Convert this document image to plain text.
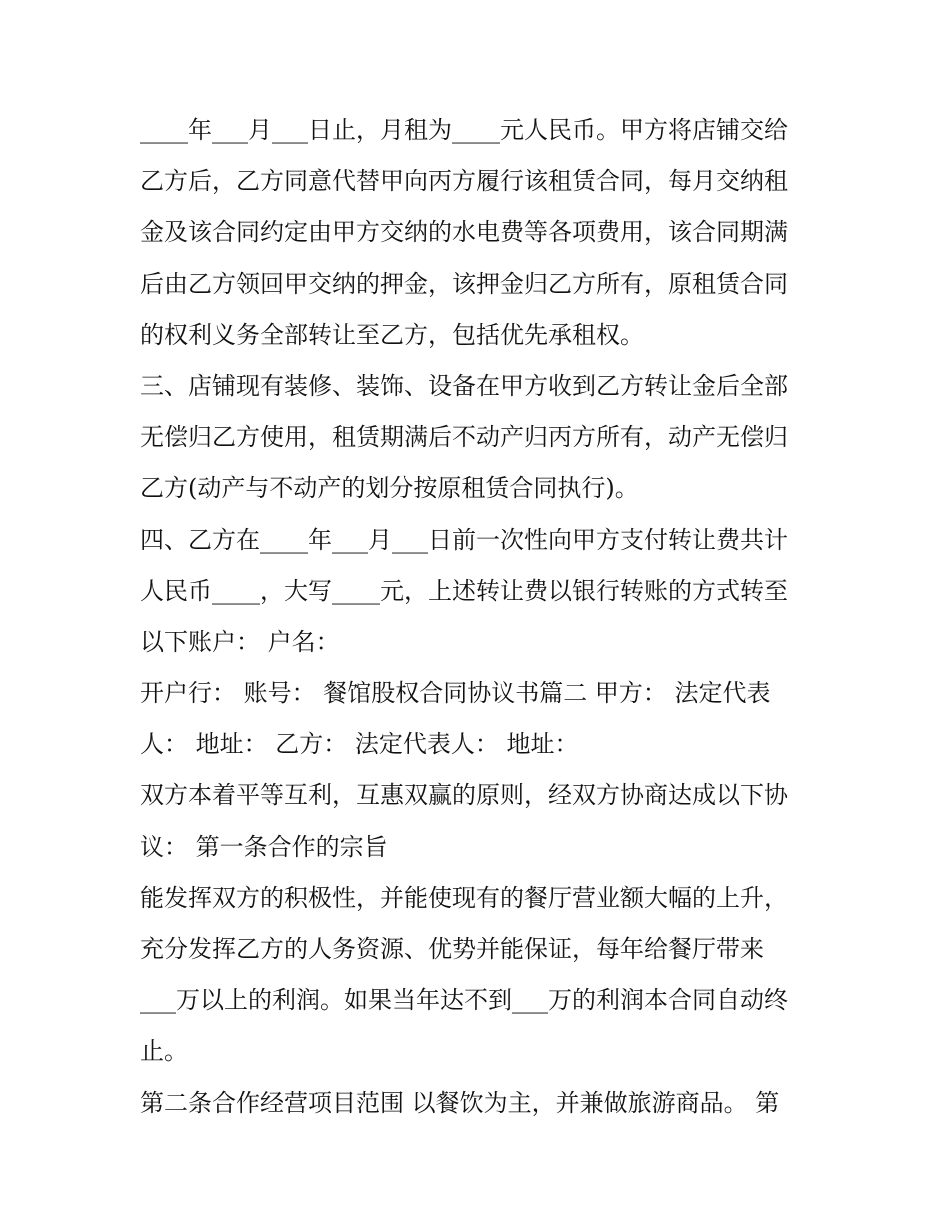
____年___月___日止，月租为____元人民币。甲方将店铺交给
乙方后，乙方同意代替甲向丙方履行该租赁合同，每月交纳租
金及该合同约定由甲方交纳的水电费等各项费用，该合同期满
后由乙方领回甲交纳的押金，该押金归乙方所有，原租赁合同
的权利义务全部转让至乙方，包括优先承租权。
三、店铺现有装修、装饰、设备在甲方收到乙方转让金后全部
无偿归乙方使用，租赁期满后不动产归丙方所有，动产无偿归
乙方(动产与不动产的划分按原租赁合同执行)。
四、乙方在____年___月___日前一次性向甲方支付转让费共计
人民币____，大写____元，上述转让费以银行转账的方式转至
以下账户： 户名：
开户行： 账号： 餐馆股权合同协议书篇二 甲方： 法定代表
人： 地址： 乙方： 法定代表人： 地址：
双方本着平等互利，互惠双赢的原则，经双方协商达成以下协
议： 第一条合作的宗旨
能发挥双方的积极性，并能使现有的餐厅营业额大幅的上升，
充分发挥乙方的人务资源、优势并能保证，每年给餐厅带来
___万以上的利润。如果当年达不到___万的利润本合同自动终
止。
第二条合作经营项目范围 以餐饮为主，并兼做旅游商品。 第
